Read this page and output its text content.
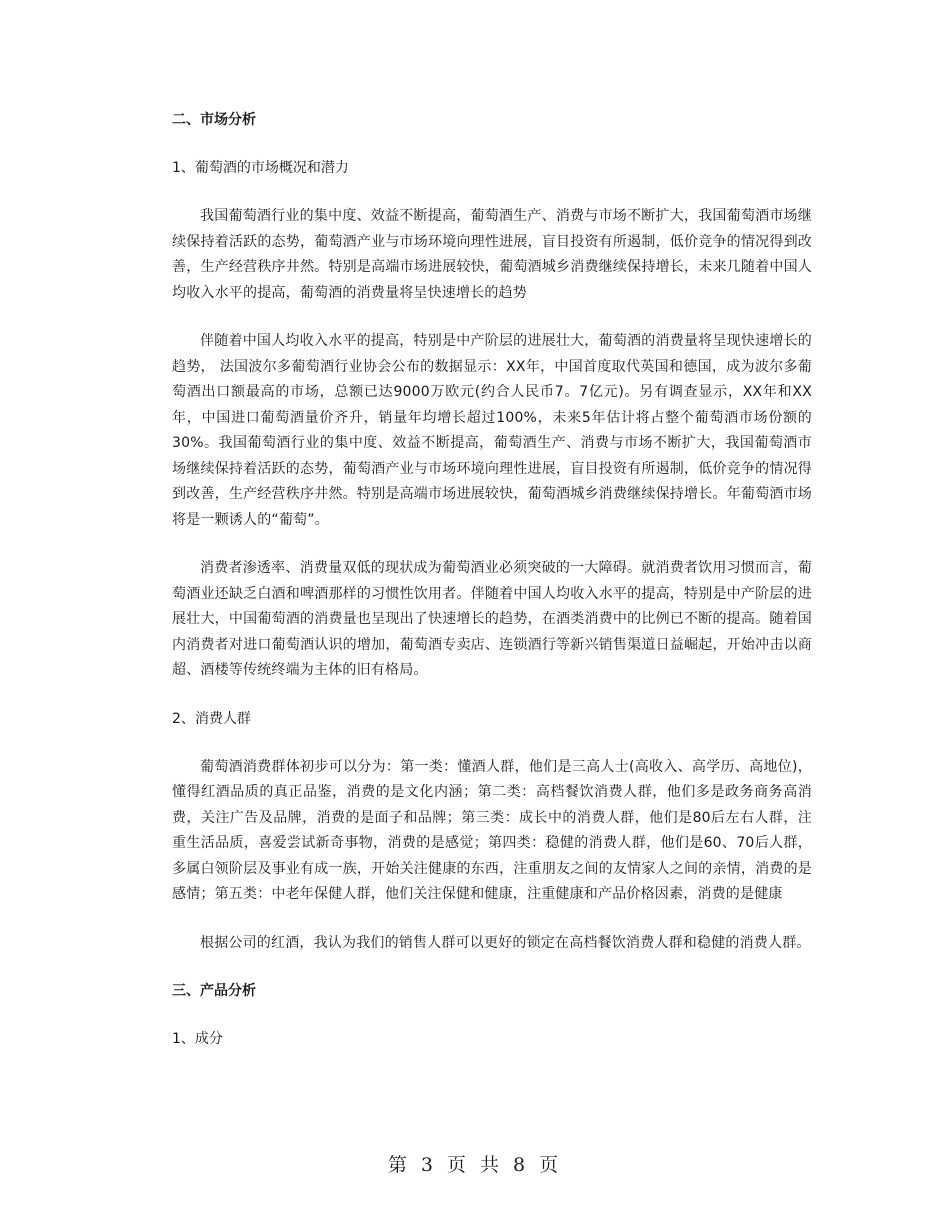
二、市场分析
1、葡萄酒的市场概况和潜力

我国葡萄酒行业的集中度、效益不断提高，葡萄酒生产、消费与市场不断扩大，我国葡萄酒市场继续保持着活跃的态势，葡萄酒产业与市场环境向理性进展，盲目投资有所遏制，低价竞争的情况得到改善，生产经营秩序井然。特别是高端市场进展较快，葡萄酒城乡消费继续保持增长，未来几随着中国人均收入水平的提高，葡萄酒的消费量将呈快速增长的趋势

伴随着中国人均收入水平的提高，特别是中产阶层的进展壮大，葡萄酒的消费量将呈现快速增长的趋势， 法国波尔多葡萄酒行业协会公布的数据显示：XX年，中国首度取代英国和德国，成为波尔多葡萄酒出口额最高的市场，总额已达9000万欧元(约合人民币7。7亿元)。另有调查显示，XX年和XX年，中国进口葡萄酒量价齐升，销量年均增长超过100%，未来5年估计将占整个葡萄酒市场份额的30%。我国葡萄酒行业的集中度、效益不断提高，葡萄酒生产、消费与市场不断扩大，我国葡萄酒市场继续保持着活跃的态势，葡萄酒产业与市场环境向理性进展，盲目投资有所遏制，低价竞争的情况得到改善，生产经营秩序井然。特别是高端市场进展较快，葡萄酒城乡消费继续保持增长。年葡萄酒市场将是一颗诱人的“葡萄”。

消费者渗透率、消费量双低的现状成为葡萄酒业必须突破的一大障碍。就消费者饮用习惯而言，葡萄酒业还缺乏白酒和啤酒那样的习惯性饮用者。伴随着中国人均收入水平的提高，特别是中产阶层的进展壮大，中国葡萄酒的消费量也呈现出了快速增长的趋势，在酒类消费中的比例已不断的提高。随着国内消费者对进口葡萄酒认识的增加，葡萄酒专卖店、连锁酒行等新兴销售渠道日益崛起，开始冲击以商超、酒楼等传统终端为主体的旧有格局。

2、消费人群

葡萄酒消费群体初步可以分为：第一类：懂酒人群，他们是三高人士(高收入、高学历、高地位)，懂得红酒品质的真正品鉴，消费的是文化内涵；第二类：高档餐饮消费人群，他们多是政务商务高消费，关注广告及品牌，消费的是面子和品牌；第三类：成长中的消费人群，他们是80后左右人群，注重生活品质，喜爱尝试新奇事物，消费的是感觉；第四类：稳健的消费人群，他们是60、70后人群，多属白领阶层及事业有成一族，开始关注健康的东西，注重朋友之间的友情家人之间的亲情，消费的是感情；第五类：中老年保健人群，他们关注保健和健康，注重健康和产品价格因素，消费的是健康

根据公司的红酒，我认为我们的销售人群可以更好的锁定在高档餐饮消费人群和稳健的消费人群。

三、产品分析
1、成分
第 3 页 共 8 页
